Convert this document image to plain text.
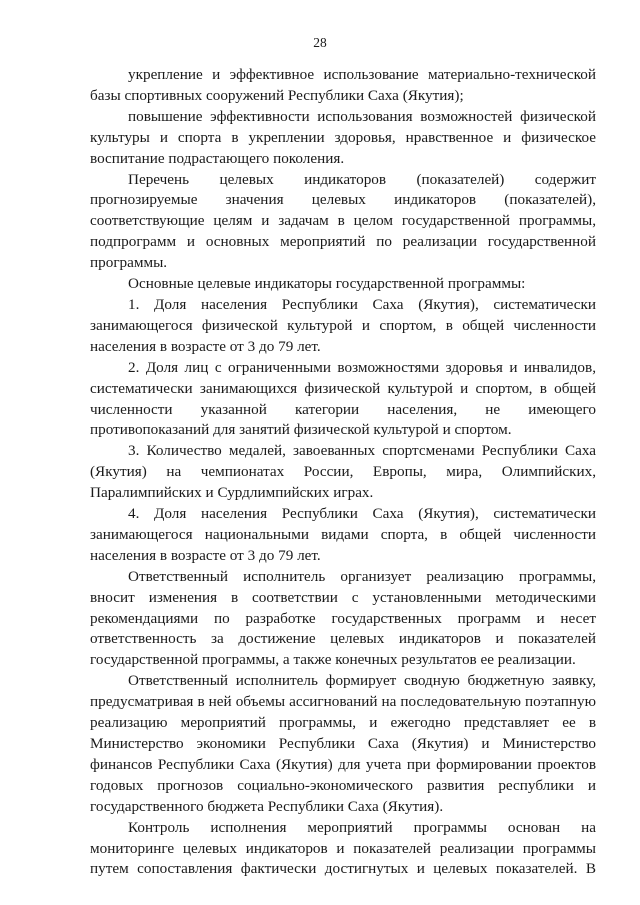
28

укрепление и эффективное использование материально-технической базы спортивных сооружений Республики Саха (Якутия);

повышение эффективности использования возможностей физической культуры и спорта в укреплении здоровья, нравственное и физическое воспитание подрастающего поколения.

Перечень целевых индикаторов (показателей) содержит прогнозируемые значения целевых индикаторов (показателей), соответствующие целям и задачам в целом государственной программы, подпрограмм и основных мероприятий по реализации государственной программы.

Основные целевые индикаторы государственной программы:

1. Доля населения Республики Саха (Якутия), систематически занимающегося физической культурой и спортом, в общей численности населения в возрасте от 3 до 79 лет.

2. Доля лиц с ограниченными возможностями здоровья и инвалидов, систематически занимающихся физической культурой и спортом, в общей численности указанной категории населения, не имеющего противопоказаний для занятий физической культурой и спортом.

3. Количество медалей, завоеванных спортсменами Республики Саха (Якутия) на чемпионатах России, Европы, мира, Олимпийских, Паралимпийских и Сурдлимпийских играх.

4. Доля населения Республики Саха (Якутия), систематически занимающегося национальными видами спорта, в общей численности населения в возрасте от 3 до 79 лет.

Ответственный исполнитель организует реализацию программы, вносит изменения в соответствии с установленными методическими рекомендациями по разработке государственных программ и несет ответственность за достижение целевых индикаторов и показателей государственной программы, а также конечных результатов ее реализации.

Ответственный исполнитель формирует сводную бюджетную заявку, предусматривая в ней объемы ассигнований на последовательную поэтапную реализацию мероприятий программы, и ежегодно представляет ее в Министерство экономики Республики Саха (Якутия) и Министерство финансов Республики Саха (Якутия) для учета при формировании проектов годовых прогнозов социально-экономического развития республики и государственного бюджета Республики Саха (Якутия).

Контроль исполнения мероприятий программы основан на мониторинге целевых индикаторов и показателей реализации программы путем сопоставления фактически достигнутых и целевых показателей. В
